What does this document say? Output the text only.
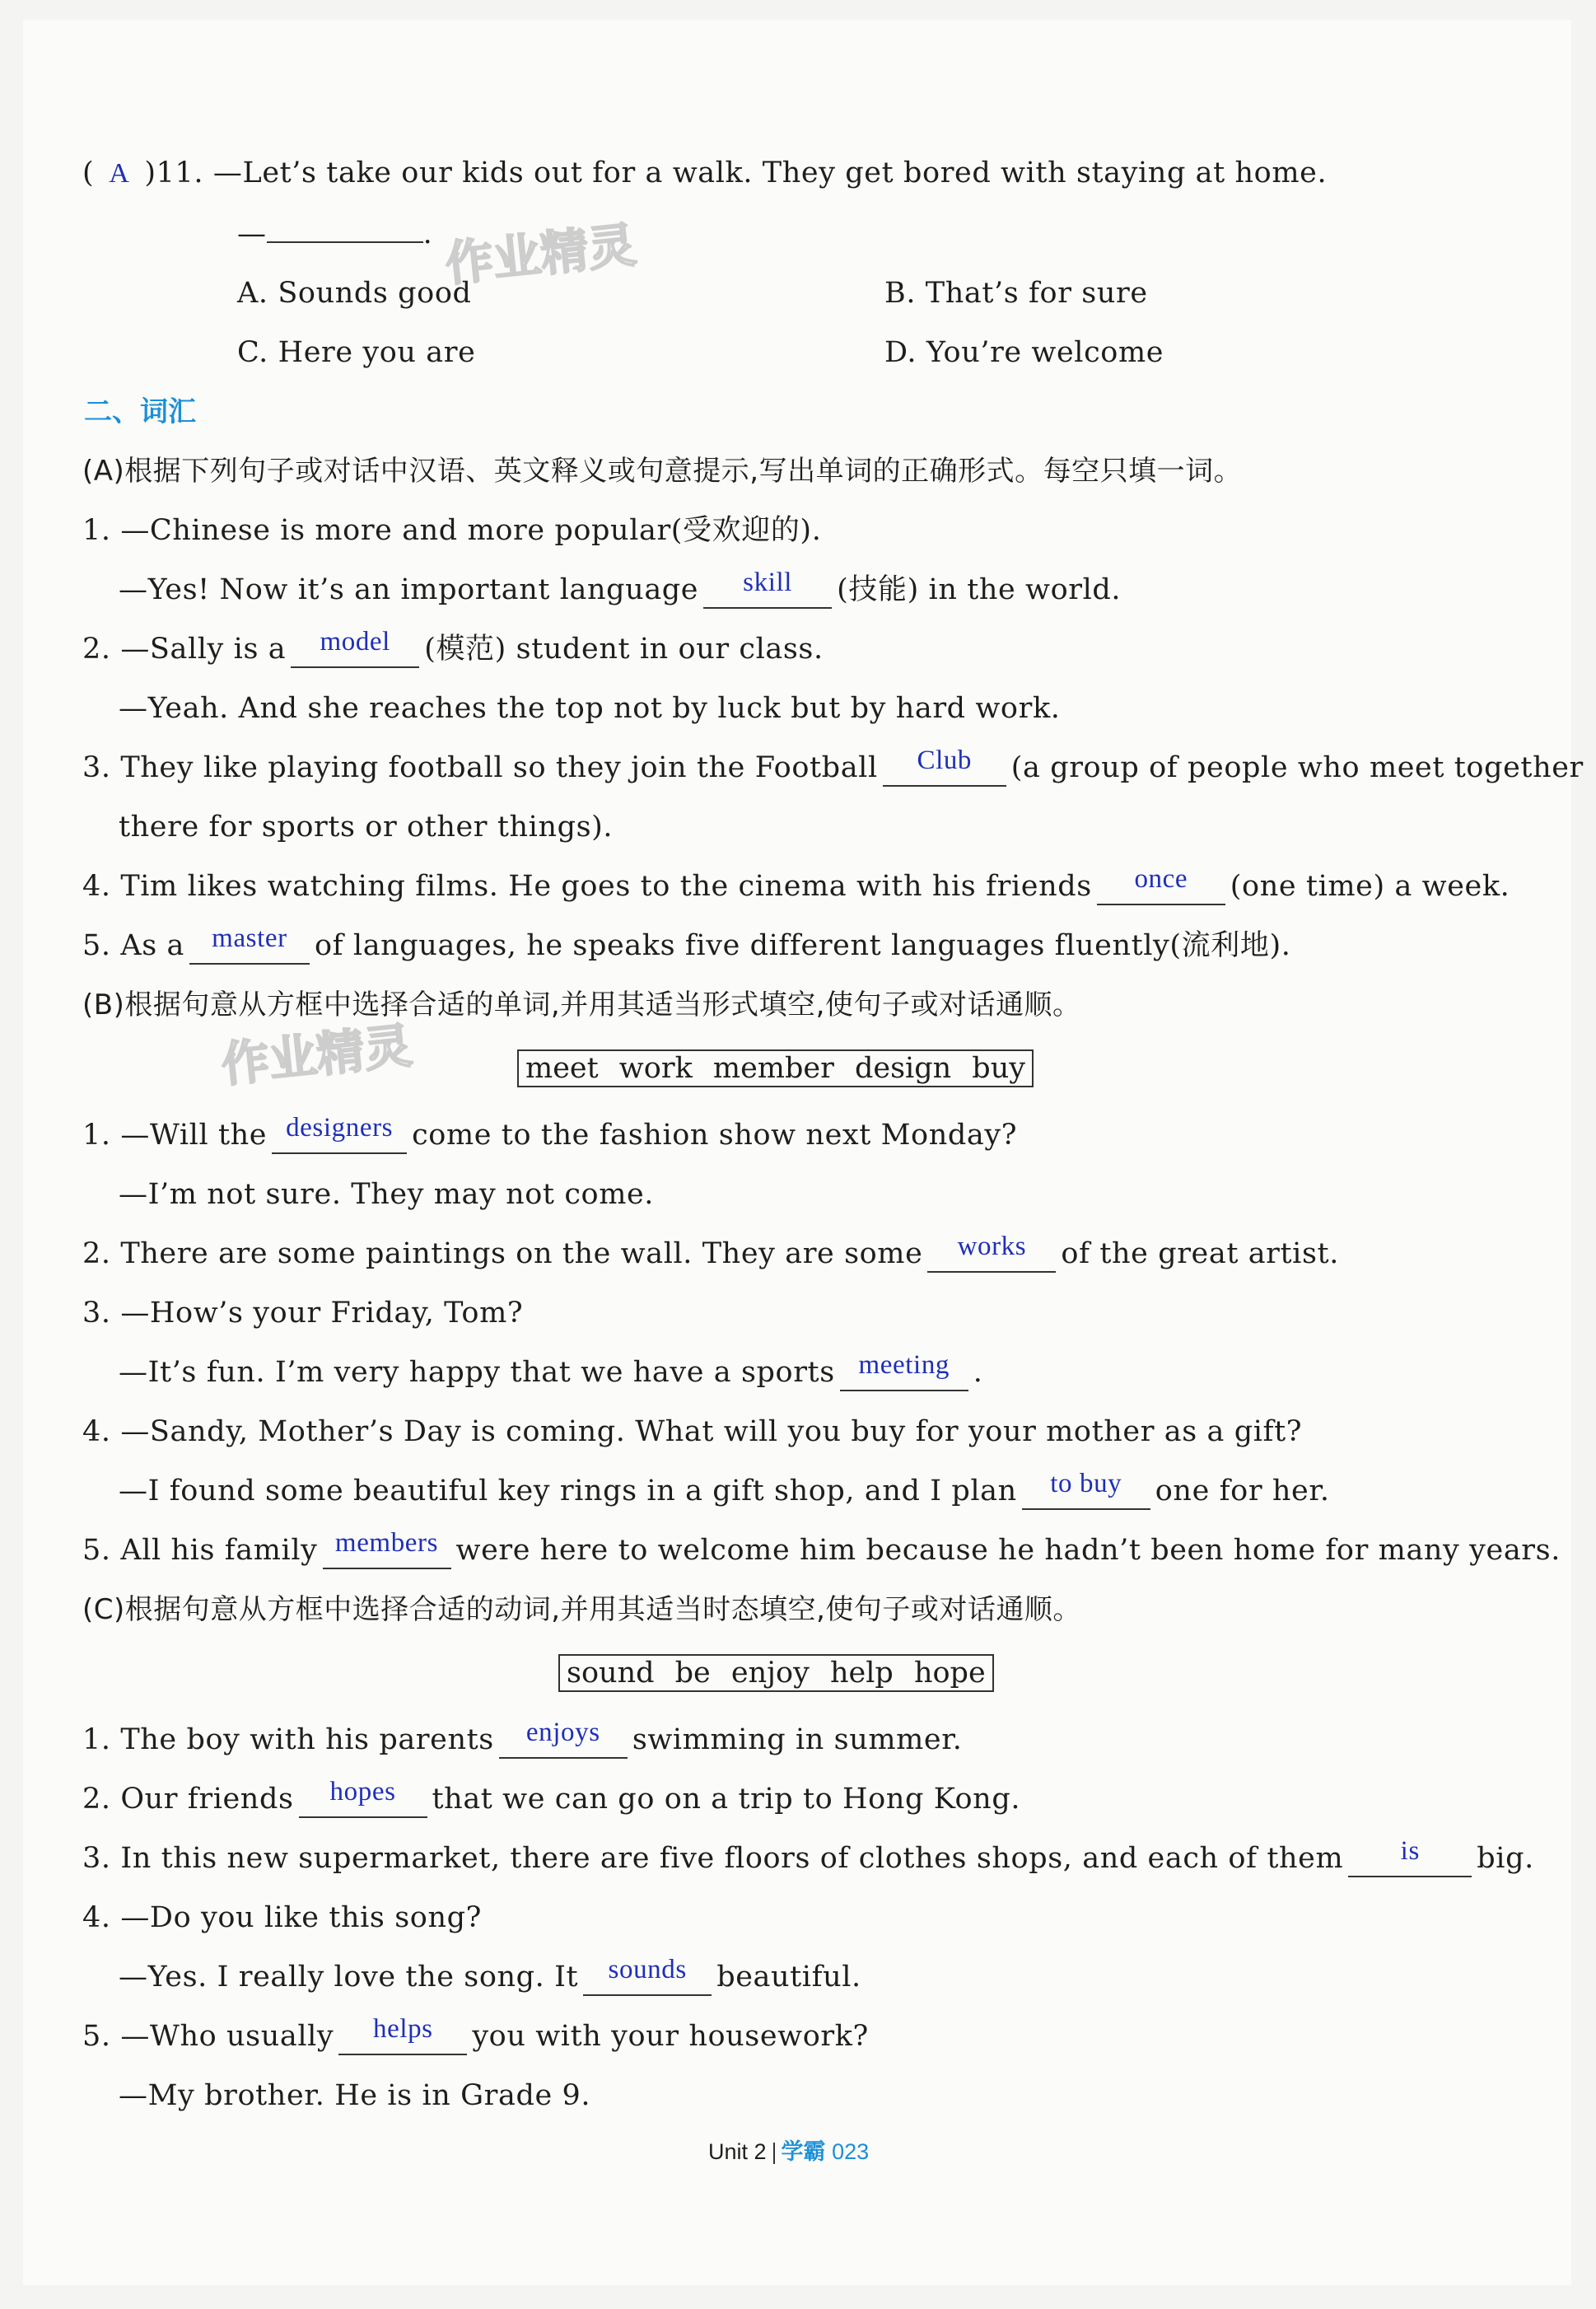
( A )11. —Let’s take our kids out for a walk. They get bored with staying at home.
—	. 作业精灵
A. Sounds good	B. That’s for sure
C. Here you are	D. You’re welcome
二、词汇
(A)根据下列句子或对话中汉语、英文释义或句意提示,写出单词的正确形式。每空只填一词。
1. —Chinese is more and more popular(受欢迎的).
—Yes! Now it’s an important language skill (技能) in the world.
2. —Sally is a model (模范) student in our class.
—Yeah. And she reaches the top not by luck but by hard work.
3. They like playing football so they join the Football Club (a group of people who meet together
there for sports or other things).
4. Tim likes watching films. He goes to the cinema with his friends once (one time) a week.
5. As a master of languages, he speaks five different languages fluently(流利地).
(B)根据句意从方框中选择合适的单词,并用其适当形式填空,使句子或对话通顺。
作业精灵	meet work member design buy
1. —Will the designers come to the fashion show next Monday?
—I’m not sure. They may not come.
2. There are some paintings on the wall. They are some works of the great artist.
3. —How’s your Friday, Tom?
—It’s fun. I’m very happy that we have a sports meeting .
4. —Sandy, Mother’s Day is coming. What will you buy for your mother as a gift?
—I found some beautiful key rings in a gift shop, and I plan to buy one for her.
5. All his family members were here to welcome him because he hadn’t been home for many years.
(C)根据句意从方框中选择合适的动词,并用其适当时态填空,使句子或对话通顺。
sound be enjoy help hope
1. The boy with his parents enjoys swimming in summer.
2. Our friends hopes that we can go on a trip to Hong Kong.
3. In this new supermarket, there are five floors of clothes shops, and each of them is big.
4. —Do you like this song?
—Yes. I really love the song. It sounds beautiful.
5. —Who usually helps you with your housework?
—My brother. He is in Grade 9.
Unit 2 学霸 023
